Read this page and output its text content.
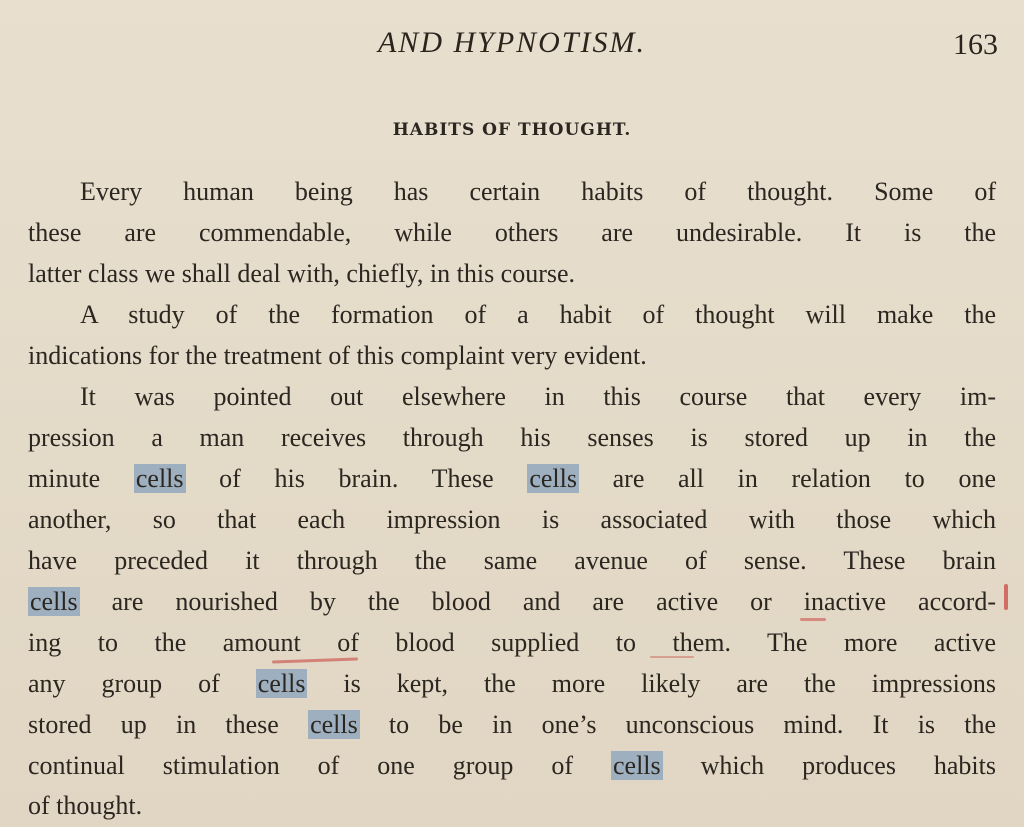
AND HYPNOTISM.	163
HABITS OF THOUGHT.
Every human being has certain habits of thought. Some of
these are commendable, while others are undesirable. It is the
latter class we shall deal with, chiefly, in this course.
A study of the formation of a habit of thought will make the
indications for the treatment of this complaint very evident.
It was pointed out elsewhere in this course that every im-
pression a man receives through his senses is stored up in the
minute cells of his brain. These cells are all in relation to one
another, so that each impression is associated with those which
have preceded it through the same avenue of sense. These brain
cells are nourished by the blood and are active or inactive accord-
ing to the amount of blood supplied to them. The more active
any group of cells is kept, the more likely are the impressions
stored up in these cells to be in one’s unconscious mind. It is the
continual stimulation of one group of cells which produces habits
of thought.
